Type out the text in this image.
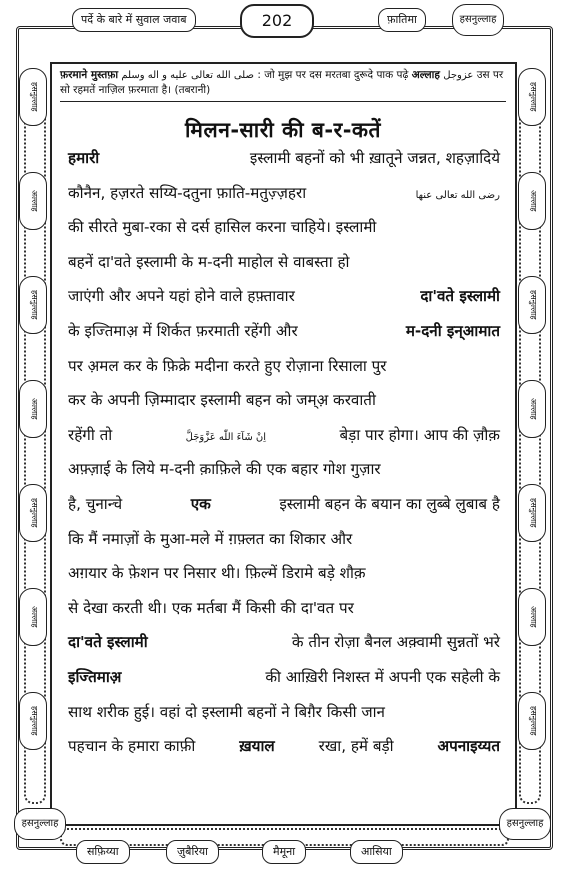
पर्दे के बारे में सुवाल जवाब	202	फ़ातिमा	हसनुल्लाह
फ़रमाने मुस्तफ़ा صلى الله تعالى عليه و اله وسلم : जो मुझ पर दस मरतबा दुरूदे पाक पढ़े अल्लाह عزوجل उस पर सो रहमतें नाज़िल फ़रमाता है। (तबरानी)
मिलन-सारी की ब-र-कतें
हमारी	इस्लामी बहनों को भी ख़ातूने जन्नत, शहज़ादिये
कौनैन, हज़रते सय्यि-दतुना फ़ाति-मतुज़्ज़हरा	رضى الله تعالى عنها
की सीरते मुबा-रका से दर्स हासिल करना चाहिये। इस्लामी
बहनें दा'वते इस्लामी के म-दनी माहोल से वाबस्ता हो
जाएंगी और अपने यहां होने वाले हफ़्तावार	दा'वते इस्लामी
के इज्तिमाअ़ में शिर्कत फ़रमाती रहेंगी और	म-दनी इन्आमात
पर अ़मल कर के फ़िक्रे मदीना करते हुए रोज़ाना रिसाला पुर
कर के अपनी ज़िम्मादार इस्लामी बहन को जम्अ़ करवाती
रहेंगी तो	اِنْ شَآءَ اللّٰه عَزَّوَجَلَّ	बेड़ा पार होगा। आप की ज़ौक़
अफ़्ज़ाई के लिये म-दनी क़ाफ़िले की एक बहार गोश गुज़ार
है, चुनान्चे	एक	इस्लामी बहन के बयान का लुब्बे लुबाब है
कि मैं नमाज़ों के मुआ-मले में ग़फ़्लत का शिकार और
अग़यार के फ़ेशन पर निसार थी। फ़िल्में डिरामे बड़े शौक़
से देखा करती थी। एक मर्तबा मैं किसी की दा'वत पर
दा'वते इस्लामी	के तीन रोज़ा बैनल अक़्वामी सुन्नतों भरे
इज्तिमाअ़	की आख़िरी निशस्त में अपनी एक सहेली के
साथ शरीक हुई। वहां दो इस्लामी बहनों ने बिग़ैर किसी जान
पहचान के हमारा काफ़ी	ख़याल	रखा, हमें बड़ी	अपनाइय्यत
हसनुल्लाह
अल्लाह
हसनुल्लाह
अल्लाह
हसनुल्लाह
अल्लाह
हसनुल्लाह
हसनुल्लाह
अल्लाह
हसनुल्लाह
अल्लाह
हसनुल्लाह
अल्लाह
हसनुल्लाह
हसनुल्लाह	हसनुल्लाह
सफ़िय्या	ज़ुबैरिया	मैमूना	आसिया
